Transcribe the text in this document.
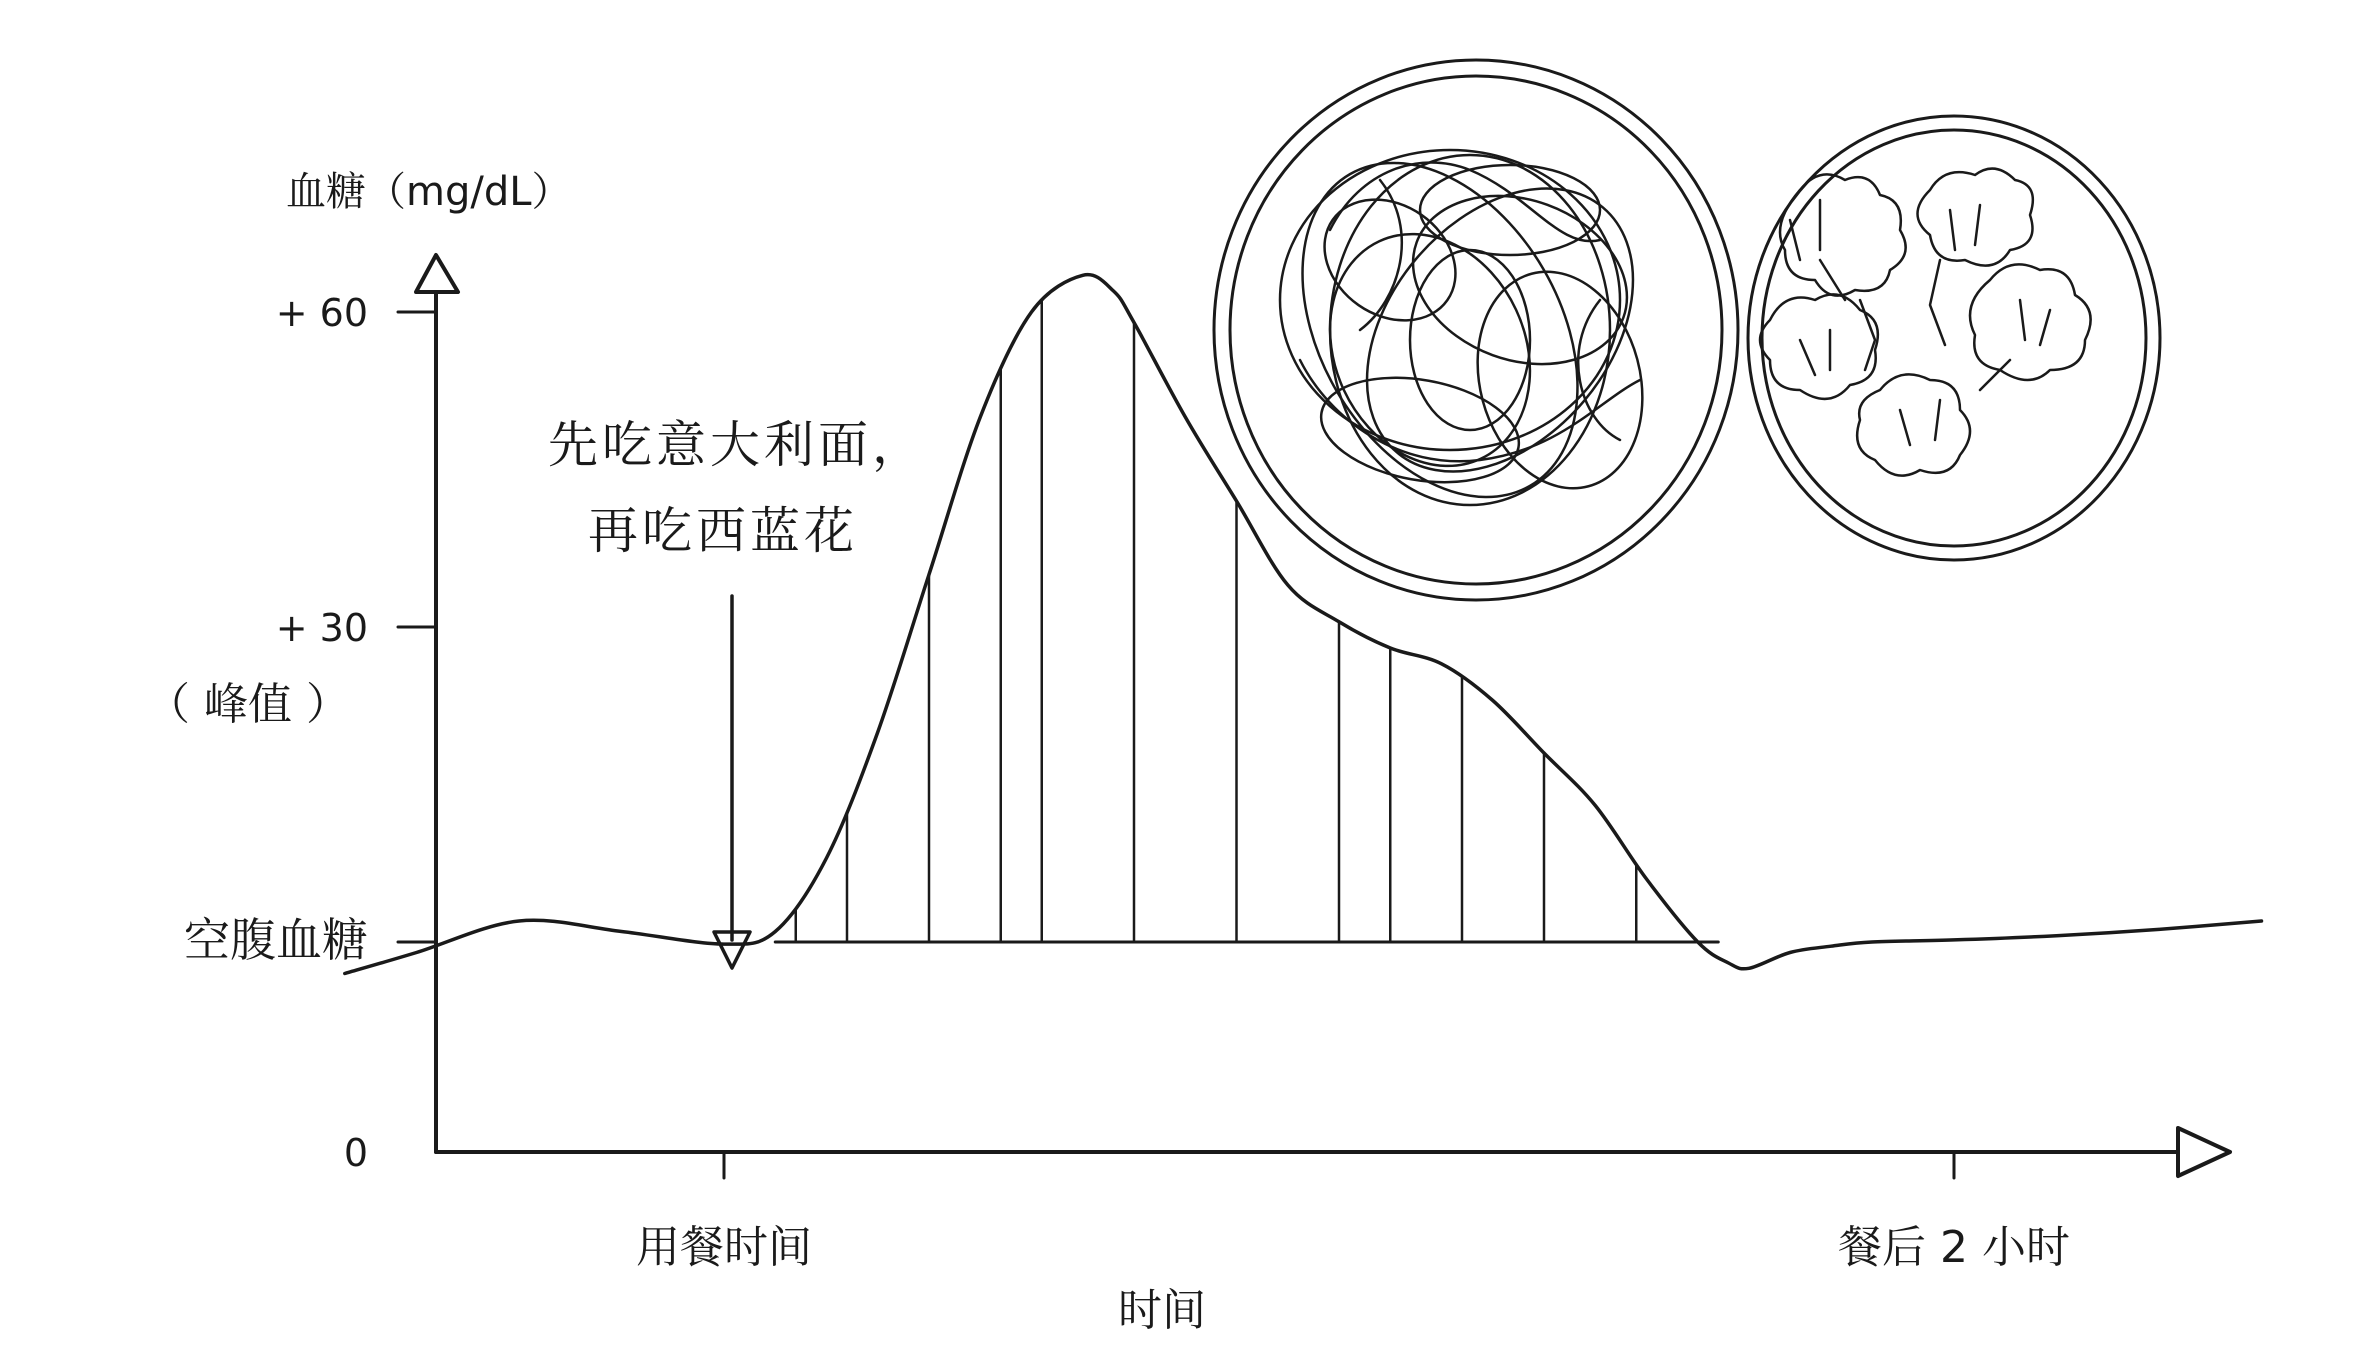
血糖（mg/dL）
时间
0
空腹血糖
+ 30
（ 峰值 ）
+ 60
用餐时间	餐后 2 小时
先吃意大利面，
再吃西蓝花
